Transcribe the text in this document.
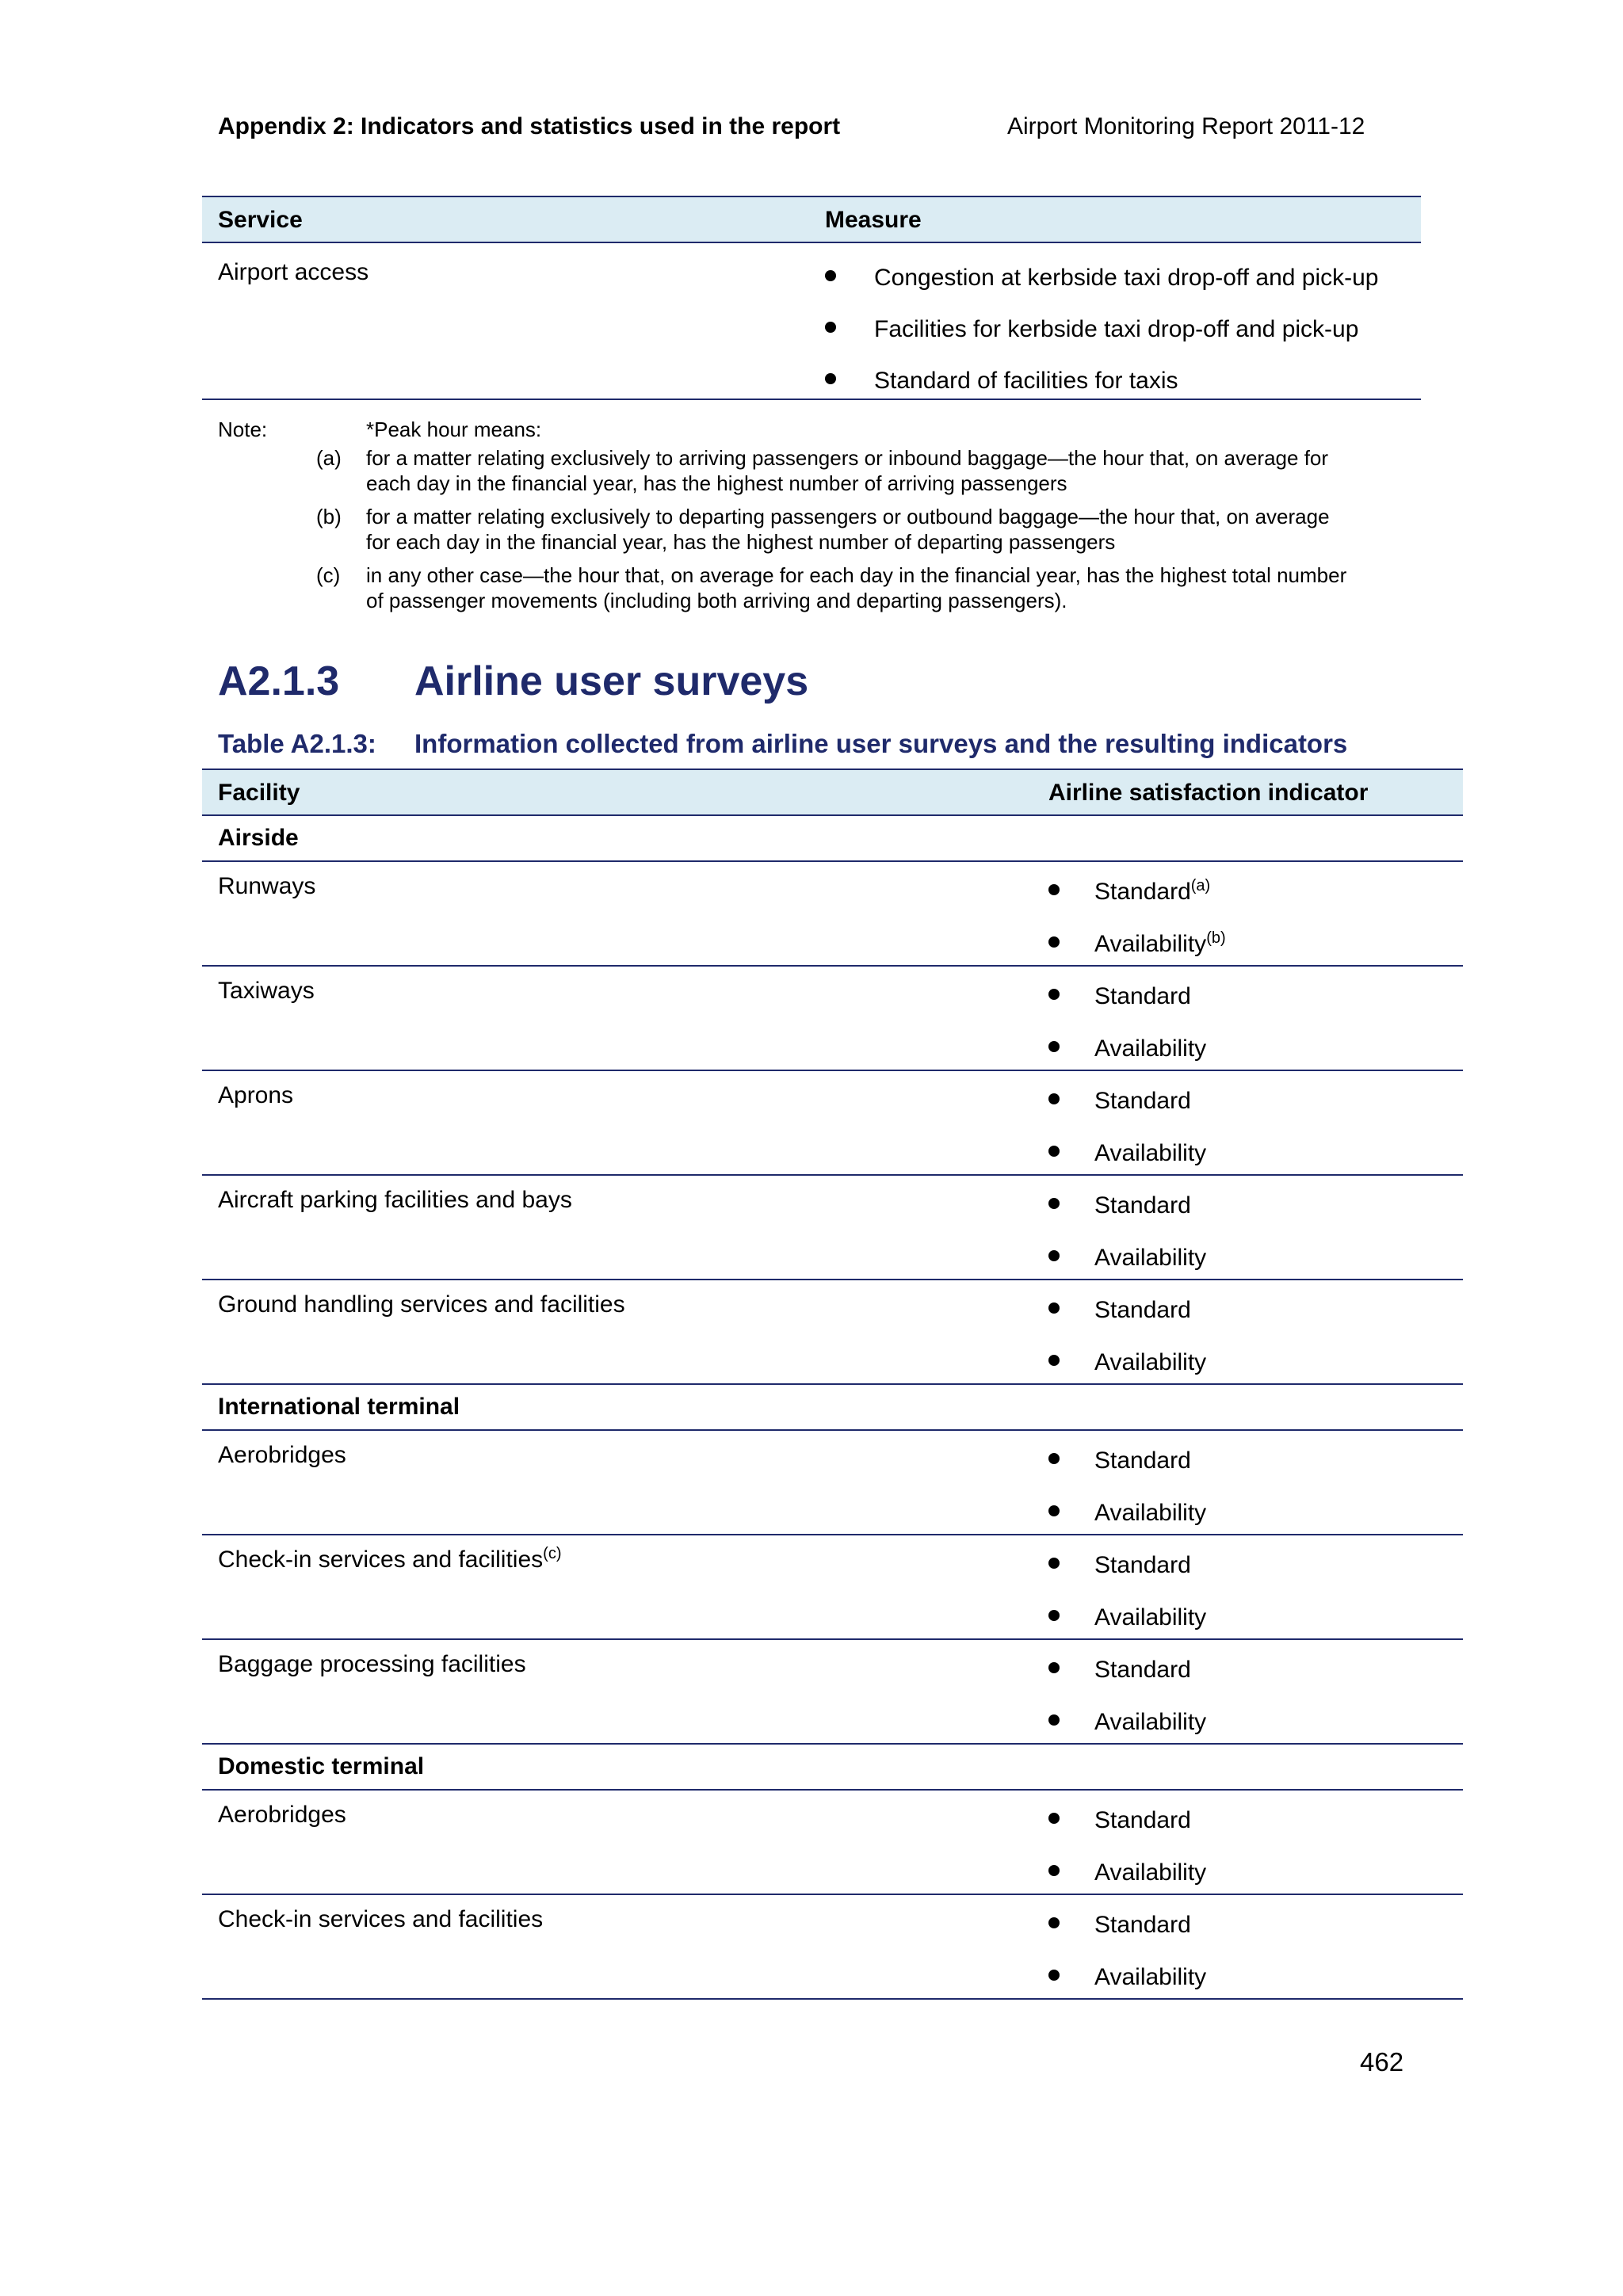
Appendix 2: Indicators and statistics used in the report	Airport Monitoring Report 2011-12
Service	Measure
Airport access	Congestion at kerbside taxi drop-off and pick-up
Facilities for kerbside taxi drop-off and pick-up
Standard of facilities for taxis
Note:	*Peak hour means:
(a) for a matter relating exclusively to arriving passengers or inbound baggage—the hour that, on average for
each day in the financial year, has the highest number of arriving passengers
(b) for a matter relating exclusively to departing passengers or outbound baggage—the hour that, on average
for each day in the financial year, has the highest number of departing passengers
(c) in any other case—the hour that, on average for each day in the financial year, has the highest total number
of passenger movements (including both arriving and departing passengers).
A2.1.3 Airline user surveys
Table A2.1.3: Information collected from airline user surveys and the resulting indicators
Facility	Airline satisfaction indicator
Airside
Runways	Standard$^{(a)}$
Availability$^{(b)}$
Taxiways	Standard
Availability
Aprons	Standard
Availability
Aircraft parking facilities and bays	Standard
Availability
Ground handling services and facilities	Standard
Availability
International terminal
Aerobridges	Standard
Availability
Check-in services and facilities$^{(c)}$	Standard
Availability
Baggage processing facilities	Standard
Availability
Domestic terminal
Aerobridges	Standard
Availability
Check-in services and facilities	Standard
Availability
462
